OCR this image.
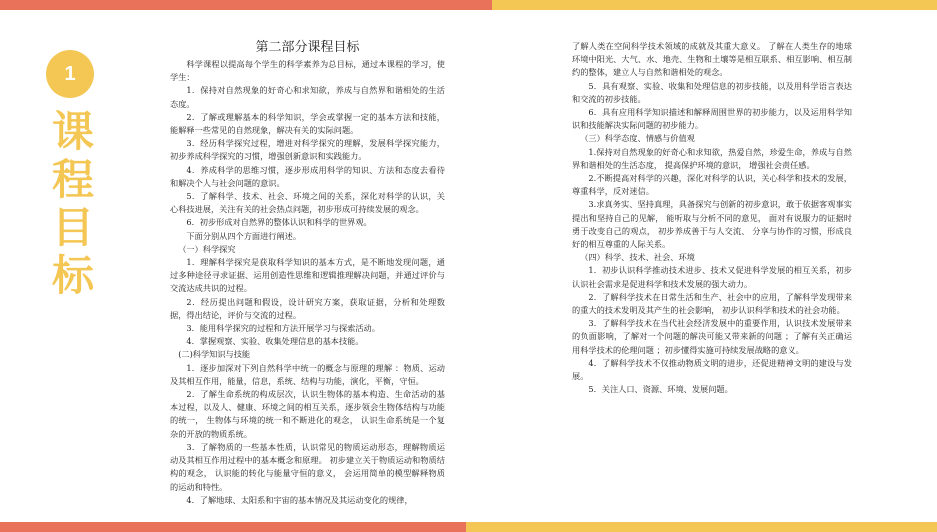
1
课
程
目
标
第二部分课程目标

科学课程以提高每个学生的科学素养为总目标，通过本课程的学习，使学生：

1．保持对自然现象的好奇心和求知欲，养成与自然界和谐相处的生活态度。

2．了解或理解基本的科学知识，学会或掌握一定的基本方法和技能，能解释一些常见的自然现象，解决有关的实际问题。

3．经历科学探究过程，增进对科学探究的理解，发展科学探究能力，初步养成科学探究的习惯，增强创新意识和实践能力。

4．养成科学的思维习惯，逐步形成用科学的知识、方法和态度去看待和解决个人与社会问题的意识。

5．了解科学、技术、社会、环境之间的关系，深化对科学的认识，关心科技进展，关注有关的社会热点问题，初步形成可持续发展的观念。

6．初步形成对自然界的整体认识和科学的世界观。

下面分别从四个方面进行阐述。

（一）科学探究

1．理解科学探究是获取科学知识的基本方式，是不断地发现问题，通过多种途径寻求证据、运用创造性思维和逻辑推理解决问题，并通过评价与交流达成共识的过程。

2．经历提出问题和假设，设计研究方案，获取证据，分析和处理数据，得出结论，评价与交流的过程。

3．能用科学探究的过程和方法开展学习与探索活动。

4．掌握观察、实验、收集处理信息的基本技能。

(二)科学知识与技能

1．逐步加深对下列自然科学中统一的概念与原理的理解 ：物质、运动及其相互作用，能量，信息，系统、结构与功能，演化，平衡，守恒。

2．了解生命系统的构成层次，认识生物体的基本构造、生命活动的基本过程，以及人、健康、环境之间的相互关系，逐步领会生物体结构与功能的统一， 生物体与环境的统一和不断进化的观念， 认识生命系统是一个复杂的开放的物质系统。

3．了解物质的一些基本性质，认识常见的物质运动形态，理解物质运动及其相互作用过程中的基本概念和原理。 初步建立关于物质运动和物质结构的观念， 认识能的转化与能量守恒的意义， 会运用简单的模型解释物质的运动和特性。

4．了解地球、太阳系和宇宙的基本情况及其运动变化的规律，

了解人类在空间科学技术领域的成就及其重大意义。 了解在人类生存的地球环境中阳光、大气、水、地壳、生物和土壤等是相互联系、相互影响、相互制约的整体，建立人与自然和谐相处的观念。

5．具有观察、实验、收集和处理信息的初步技能，以及用科学语言表达和交流的初步技能。

6．具有应用科学知识描述和解释周围世界的初步能力，以及运用科学知识和技能解决实际问题的初步能力。

（三）科学态度、情感与价值观

1.保持对自然现象的好奇心和求知欲，热爱自然，珍爱生命，养成与自然界和谐相处的生活态度， 提高保护环境的意识， 增强社会责任感。

2.不断提高对科学的兴趣，深化对科学的认识，关心科学和技术的发展，尊重科学，反对迷信。

3.求真务实、坚持真理，具备探究与创新的初步意识，敢于依据客观事实提出和坚持自己的见解， 能听取与分析不同的意见， 面对有说服力的证据时勇于改变自己的观点， 初步养成善于与人交流、 分享与协作的习惯，形成良好的相互尊重的人际关系。

（四）科学、技术、社会、环境

1．初步认识科学推动技术进步、技术又促进科学发展的相互关系，初步认识社会需求是促进科学和技术发展的强大动力。

2．了解科学技术在日常生活和生产、社会中的应用，了解科学发现带来的重大的技术发明及其产生的社会影响， 初步认识科学和技术的社会功能。

3．了解科学技术在当代社会经济发展中的重要作用，认识技术发展带来的负面影响，了解对一个问题的解决可能又带来新的问题 ；了解有关正确运用科学技术的伦理问题 ；初步懂得实施可持续发展战略的意义。

4．了解科学技术不仅推动物质文明的进步，还促进精神文明的建设与发展。

5．关注人口、资源、环境、发展问题。
